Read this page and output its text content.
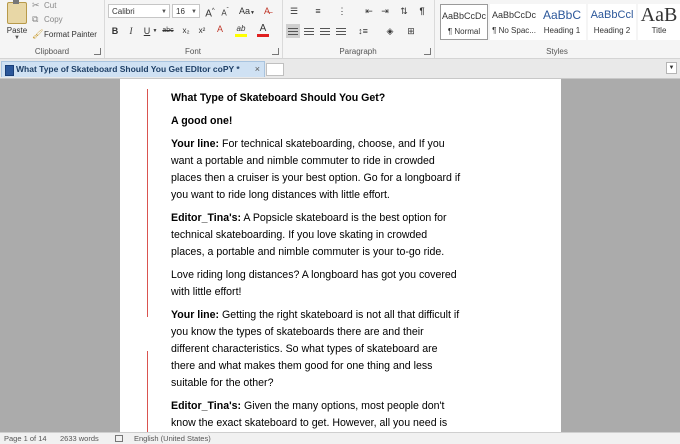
Paste
▼
✂ Cut
⧉ Copy
🖌 Format Painter
Clipboard
Calibri	▼	16 ▼ A^ $A^ˇ$ Aa▼	A̶
B	I	U ▼ abc	x₂	x²	A	ab	A
Font
☰	≡	⋮	⇤ ⇥	⇅	¶
↕≡	◈	⊞
Paragraph
AaBbCcDc
¶ Normal
AaBbCcDc
¶ No Spac...
AaBbC
Heading 1
AaBbCcl
Heading 2
AaB
Title
Styles
What Type of Skateboard Should You Get EDItor coPY * ×	▼

What Type of Skateboard Should You Get?

A good one!

Your line: For technical skateboarding, choose, and If you want a portable and nimble commuter to ride in crowded places then a cruiser is your best option. Go for a longboard if you want to ride long distances with little effort.

Editor_Tina's: A Popsicle skateboard is the best option for technical skateboarding. If you love skating in crowded places, a portable and nimble commuter is your to-go ride.

Love riding long distances? A longboard has got you covered with little effort!

Your line: Getting the right skateboard is not all that difficult if you know the types of skateboards there are and their different characteristics. So what types of skateboard are there and what makes them good for one thing and less suitable for the other?

Editor_Tina's: Given the many options, most people don't know the exact skateboard to get. However, all you need is

Page 1 of 14 2633 words	English (United States)
